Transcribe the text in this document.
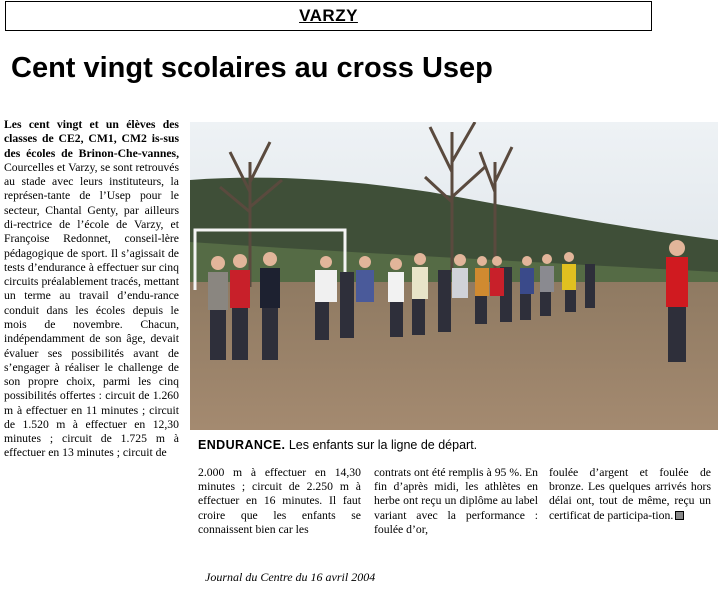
VARZY
Cent vingt scolaires au cross Usep
Les cent vingt et un élèves des classes de CE2, CM1, CM2 is-sus des écoles de Brinon-Che-vannes, Courcelles et Varzy, se sont retrouvés au stade avec leurs instituteurs, la représen-tante de l’Usep pour le secteur, Chantal Genty, par ailleurs di-rectrice de l’école de Varzy, et Françoise Redonnet, conseil-lère pédagogique de sport. Il s’agissait de tests d’endurance à effectuer sur cinq circuits préalablement tracés, mettant un terme au travail d’endu-rance conduit dans les écoles depuis le mois de novembre. Chacun, indépendamment de son âge, devait évaluer ses possibilités avant de s’engager à réaliser le challenge de son propre choix, parmi les cinq possibilités offertes : circuit de 1.260 m à effectuer en 11 minutes ; circuit de 1.520 m à effectuer en 12,30 minutes ; circuit de 1.725 m à effectuer en 13 minutes ; circuit de
ENDURANCE. Les enfants sur la ligne de départ.
2.000 m à effectuer en 14,30 minutes ; circuit de 2.250 m à effectuer en 16 minutes. Il faut croire que les enfants se connaissent bien car les
contrats ont été remplis à 95 %. En fin d’après midi, les athlètes en herbe ont reçu un diplôme au label variant avec la performance : foulée d’or,
foulée d’argent et foulée de bronze. Les quelques arrivés hors délai ont, tout de même, reçu un certificat de participa-tion.
Journal du Centre du 16 avril 2004
